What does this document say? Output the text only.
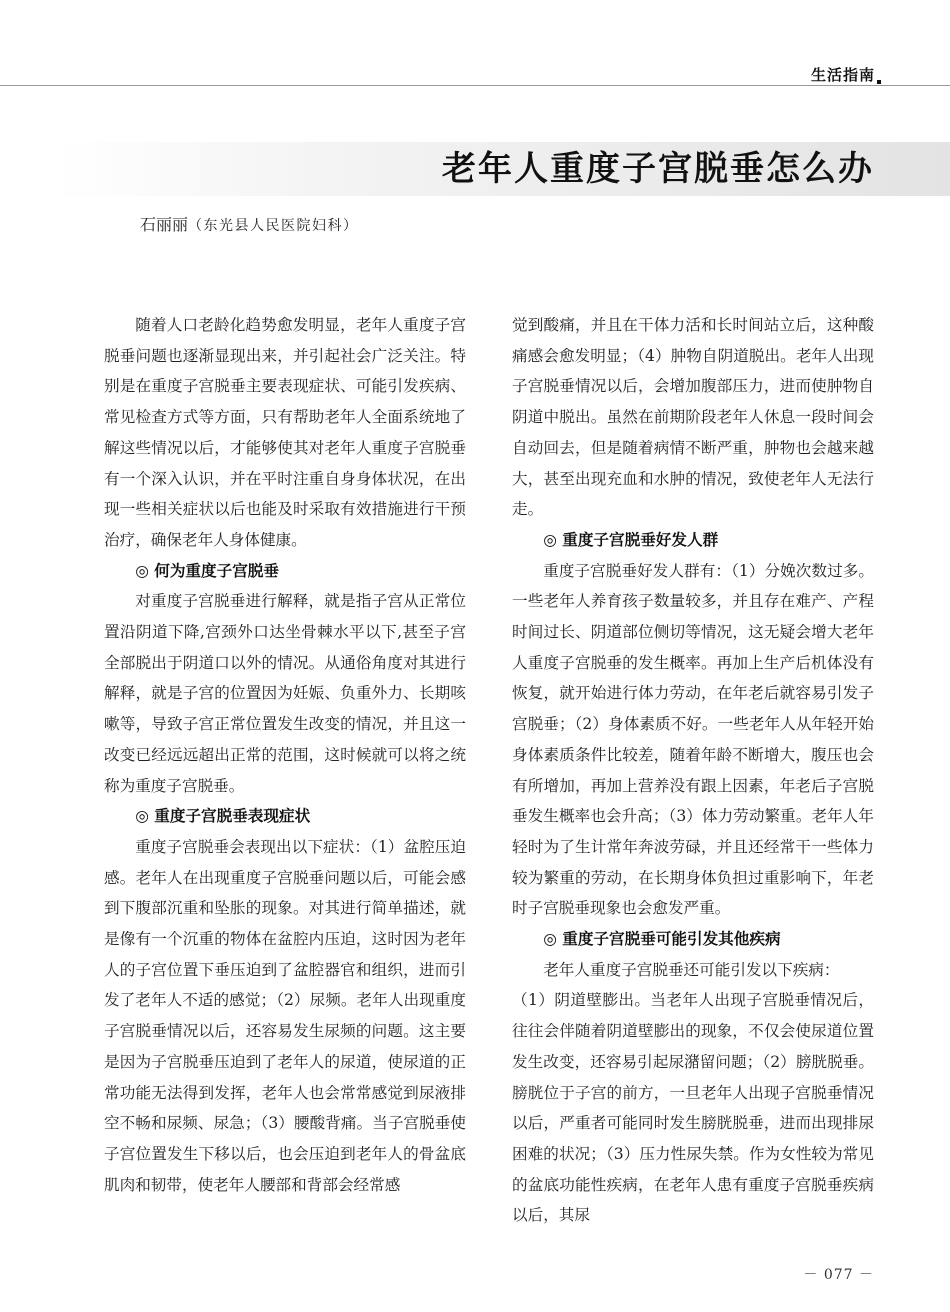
生活指南
老年人重度子宫脱垂怎么办
石丽丽（东光县人民医院妇科）

随着人口老龄化趋势愈发明显，老年人重度子宫脱垂问题也逐渐显现出来，并引起社会广泛关注。特别是在重度子宫脱垂主要表现症状、可能引发疾病、常见检查方式等方面，只有帮助老年人全面系统地了解这些情况以后，才能够使其对老年人重度子宫脱垂有一个深入认识，并在平时注重自身身体状况，在出现一些相关症状以后也能及时采取有效措施进行干预治疗，确保老年人身体健康。

◎ 何为重度子宫脱垂

对重度子宫脱垂进行解释，就是指子宫从正常位置沿阴道下降,宫颈外口达坐骨棘水平以下,甚至子宫全部脱出于阴道口以外的情况。从通俗角度对其进行解释，就是子宫的位置因为妊娠、负重外力、长期咳嗽等，导致子宫正常位置发生改变的情况，并且这一改变已经远远超出正常的范围，这时候就可以将之统称为重度子宫脱垂。

◎ 重度子宫脱垂表现症状

重度子宫脱垂会表现出以下症状：（1）盆腔压迫感。老年人在出现重度子宫脱垂问题以后，可能会感到下腹部沉重和坠胀的现象。对其进行简单描述，就是像有一个沉重的物体在盆腔内压迫，这时因为老年人的子宫位置下垂压迫到了盆腔器官和组织，进而引发了老年人不适的感觉；（2）尿频。老年人出现重度子宫脱垂情况以后，还容易发生尿频的问题。这主要是因为子宫脱垂压迫到了老年人的尿道，使尿道的正常功能无法得到发挥，老年人也会常常感觉到尿液排空不畅和尿频、尿急；（3）腰酸背痛。当子宫脱垂使子宫位置发生下移以后，也会压迫到老年人的骨盆底肌肉和韧带，使老年人腰部和背部会经常感

觉到酸痛，并且在干体力活和长时间站立后，这种酸痛感会愈发明显；（4）肿物自阴道脱出。老年人出现子宫脱垂情况以后，会增加腹部压力，进而使肿物自阴道中脱出。虽然在前期阶段老年人休息一段时间会自动回去，但是随着病情不断严重，肿物也会越来越大，甚至出现充血和水肿的情况，致使老年人无法行走。

◎ 重度子宫脱垂好发人群

重度子宫脱垂好发人群有：（1）分娩次数过多。一些老年人养育孩子数量较多，并且存在难产、产程时间过长、阴道部位侧切等情况，这无疑会增大老年人重度子宫脱垂的发生概率。再加上生产后机体没有恢复，就开始进行体力劳动，在年老后就容易引发子宫脱垂；（2）身体素质不好。一些老年人从年轻开始身体素质条件比较差，随着年龄不断增大，腹压也会有所增加，再加上营养没有跟上因素，年老后子宫脱垂发生概率也会升高；（3）体力劳动繁重。老年人年轻时为了生计常年奔波劳碌，并且还经常干一些体力较为繁重的劳动，在长期身体负担过重影响下，年老时子宫脱垂现象也会愈发严重。

◎ 重度子宫脱垂可能引发其他疾病

老年人重度子宫脱垂还可能引发以下疾病：

（1）阴道壁膨出。当老年人出现子宫脱垂情况后，往往会伴随着阴道壁膨出的现象，不仅会使尿道位置发生改变，还容易引起尿潴留问题；（2）膀胱脱垂。膀胱位于子宫的前方，一旦老年人出现子宫脱垂情况以后，严重者可能同时发生膀胱脱垂，进而出现排尿困难的状况；（3）压力性尿失禁。作为女性较为常见的盆底功能性疾病，在老年人患有重度子宫脱垂疾病以后，其尿

－ 077 －
